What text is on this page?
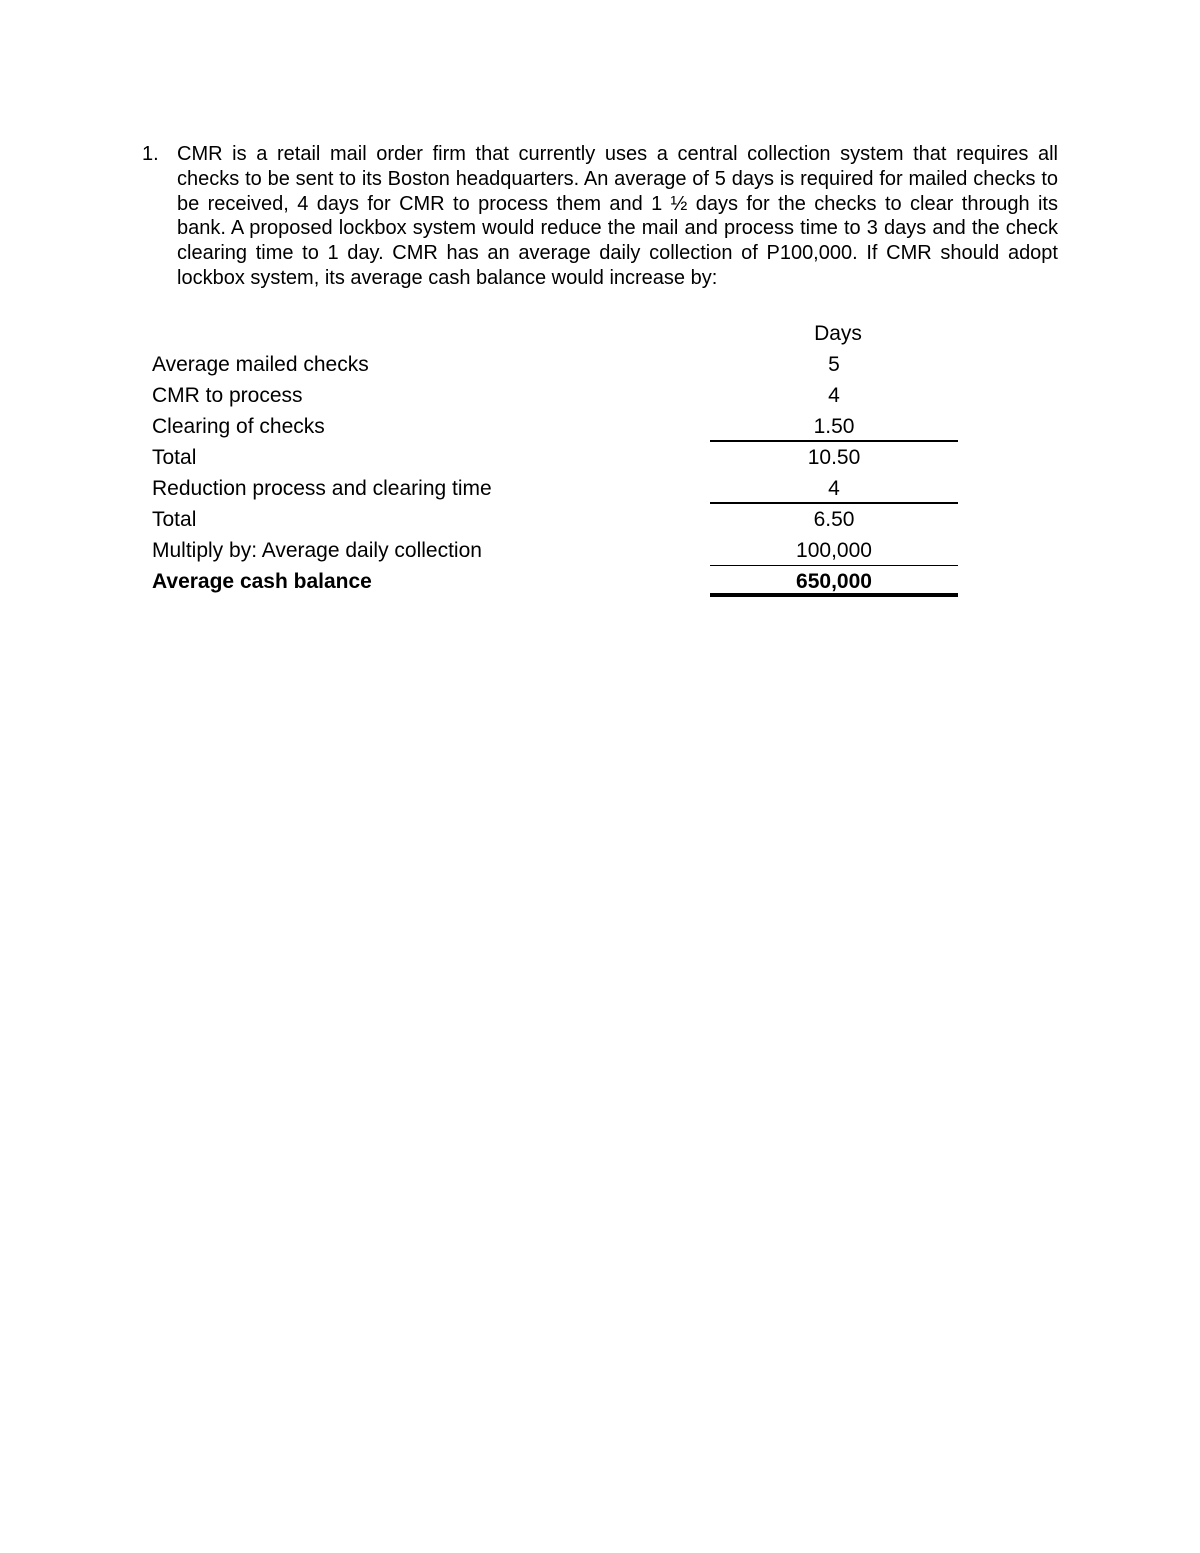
1. CMR is a retail mail order firm that currently uses a central collection system that requires all checks to be sent to its Boston headquarters. An average of 5 days is required for mailed checks to be received, 4 days for CMR to process them and 1 ½ days for the checks to clear through its bank. A proposed lockbox system would reduce the mail and process time to 3 days and the check clearing time to 1 day. CMR has an average daily collection of P100,000. If CMR should adopt lockbox system, its average cash balance would increase by:
Days
Average mailed checks	5
CMR to process	4
Clearing of checks	1.50
Total	10.50
Reduction process and clearing time	4
Total	6.50
Multiply by: Average daily collection	100,000
Average cash balance	650,000
